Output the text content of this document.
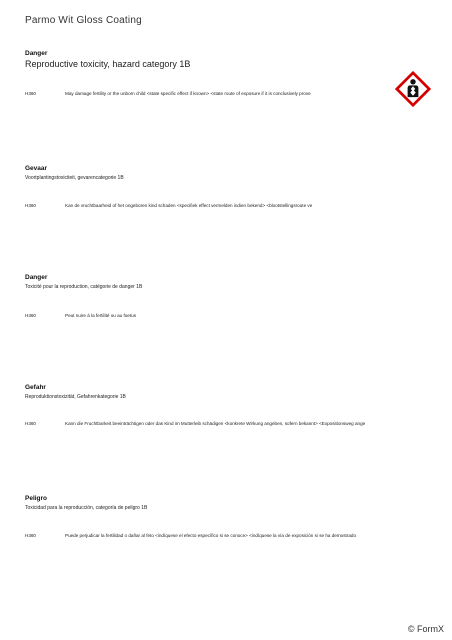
Parmo Wit Gloss Coating
Danger
Reproductive toxicity, hazard category 1B
H360	May damage fertility or the unborn child <state specific effect if known> <state route of exposure if it is conclusively prove
Gevaar
Voortplantingstoxiciteit, gevarencategorie 1B
H360	Kan de vruchtbaarheid of het ongeboren kind schaden <specifiek effect vermelden indien bekend> <blootstellingsroute ve
Danger
Toxicité pour la reproduction, catégorie de danger 1B
H360	Peut nuire à la fertilité ou au foetus
Gefahr
Reproduktionstoxizität, Gefahrenkategorie 1B
H360	Kann die Fruchtbarkeit beeinträchtigen oder das Kind im Mutterleib schädigen <konkrete Wirkung angeben, sofern bekannt> <Expositionsweg ange
Peligro
Toxicidad para la reproducción, categoría de peligro 1B
H360	Puede perjudicar la fertilidad o dañar al feto <indíquese el efecto específico si se conoce> <indíquese la vía de exposición si se ha demostrado
© FormX
